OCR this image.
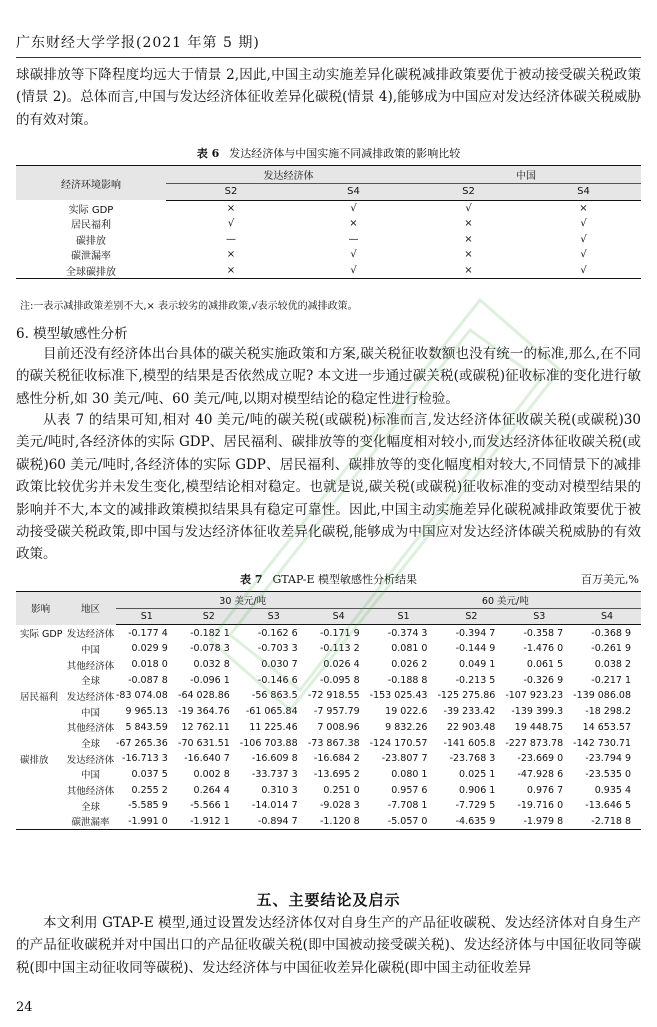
广东财经大学学报(2021 年第 5 期)

球碳排放等下降程度均远大于情景 2,因此,中国主动实施差异化碳税减排政策要优于被动接受碳关税政策(情景 2)。总体而言,中国与发达经济体征收差异化碳税(情景 4),能够成为中国应对发达经济体碳关税威胁的有效对策。

表 6 发达经济体与中国实施不同减排政策的影响比较
经济环境影响	发达经济体		中国	
	S2	S4	S2	S4
实际 GDP	×	√	√	×
居民福利	√	×	×	√
碳排放	—	—	×	√
碳泄漏率	×	√	×	√
全球碳排放	×	√	×	√
注:一表示减排政策差别不大,× 表示较劣的减排政策,√表示较优的减排政策。
6. 模型敏感性分析

目前还没有经济体出台具体的碳关税实施政策和方案,碳关税征收数额也没有统一的标准,那么,在不同的碳关税征收标准下,模型的结果是否依然成立呢? 本文进一步通过碳关税(或碳税)征收标准的变化进行敏感性分析,如 30 美元/吨、60 美元/吨,以期对模型结论的稳定性进行检验。

从表 7 的结果可知,相对 40 美元/吨的碳关税(或碳税)标准而言,发达经济体征收碳关税(或碳税)30 美元/吨时,各经济体的实际 GDP、居民福利、碳排放等的变化幅度相对较小,而发达经济体征收碳关税(或碳税)60 美元/吨时,各经济体的实际 GDP、居民福利、碳排放等的变化幅度相对较大,不同情景下的减排政策比较优劣并未发生变化,模型结论相对稳定。也就是说,碳关税(或碳税)征收标准的变动对模型结果的影响并不大,本文的减排政策模拟结果具有稳定可靠性。因此,中国主动实施差异化碳税减排政策要优于被动接受碳关税政策,即中国与发达经济体征收差异化碳税,能够成为中国应对发达经济体碳关税威胁的有效政策。

表 7 GTAP-E 模型敏感性分析结果	百万美元,%
影响	地区	30 美元/吨				60 美元/吨			
		S1	S2	S3	S4	S1	S2	S3	S4
实际 GDP	发达经济体	-0.177 4	-0.182 1	-0.162 6	-0.171 9	-0.374 3	-0.394 7	-0.358 7	-0.368 9
	中国	0.029 9	-0.078 3	-0.703 3	-0.113 2	0.081 0	-0.144 9	-1.476 0	-0.261 9
	其他经济体	0.018 0	0.032 8	0.030 7	0.026 4	0.026 2	0.049 1	0.061 5	0.038 2
	全球	-0.087 8	-0.096 1	-0.146 6	-0.095 8	-0.188 8	-0.213 5	-0.326 9	-0.217 1
居民福利	发达经济体	-83 074.08	-64 028.86	-56 863.5	-72 918.55	-153 025.43	-125 275.86	-107 923.23	-139 086.08
	中国	9 965.13	-19 364.76	-61 065.84	-7 957.79	19 022.6	-39 233.42	-139 399.3	-18 298.2
	其他经济体	5 843.59	12 762.11	11 225.46	7 008.96	9 832.26	22 903.48	19 448.75	14 653.57
	全球	-67 265.36	-70 631.51	-106 703.88	-73 867.38	-124 170.57	-141 605.8	-227 873.78	-142 730.71
碳排放	发达经济体	-16.713 3	-16.640 7	-16.609 8	-16.684 2	-23.807 7	-23.768 3	-23.669 0	-23.794 9
	中国	0.037 5	0.002 8	-33.737 3	-13.695 2	0.080 1	0.025 1	-47.928 6	-23.535 0
	其他经济体	0.255 2	0.264 4	0.310 3	0.251 0	0.957 6	0.906 1	0.976 7	0.935 4
	全球	-5.585 9	-5.566 1	-14.014 7	-9.028 3	-7.708 1	-7.729 5	-19.716 0	-13.646 5
	碳泄漏率	-1.991 0	-1.912 1	-0.894 7	-1.120 8	-5.057 0	-4.635 9	-1.979 8	-2.718 8
五、主要结论及启示

本文利用 GTAP-E 模型,通过设置发达经济体仅对自身生产的产品征收碳税、发达经济体对自身生产的产品征收碳税并对中国出口的产品征收碳关税(即中国被动接受碳关税)、发达经济体与中国征收同等碳税(即中国主动征收同等碳税)、发达经济体与中国征收差异化碳税(即中国主动征收差异

24
